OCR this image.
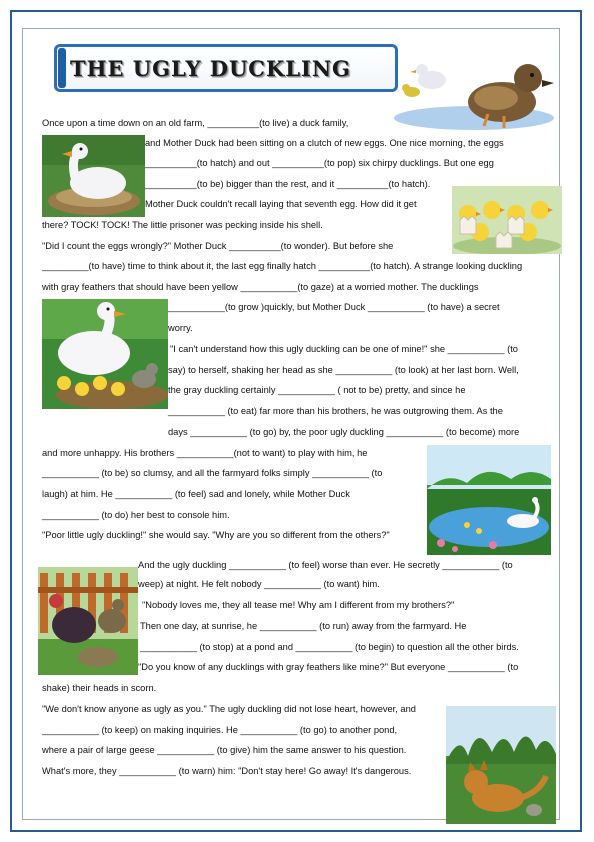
THE UGLY DUCKLING
Once upon a time down on an old farm, __________(to live) a duck family,
and Mother Duck had been sitting on a clutch of new eggs. One nice morning, the eggs
__________(to hatch) and out __________(to pop) six chirpy ducklings. But one egg
__________(to be) bigger than the rest, and it __________(to hatch).
Mother Duck couldn't recall laying that seventh egg. How did it get
there? TOCK! TOCK! The little prisoner was pecking inside his shell.
"Did I count the eggs wrongly?" Mother Duck __________(to wonder). But before she
_________(to have) time to think about it, the last egg finally hatch __________(to hatch). A strange looking duckling
with gray feathers that should have been yellow ___________(to gaze) at a worried mother. The ducklings
___________(to grow )quickly, but Mother Duck ___________ (to have) a secret
worry.
"I can't understand how this ugly duckling can be one of mine!" she ___________ (to
say) to herself, shaking her head as she ___________ (to look) at her last born. Well,
the gray duckling certainly ___________ ( not to be) pretty, and since he
___________ (to eat) far more than his brothers, he was outgrowing them. As the
days ___________ (to go) by, the poor ugly duckling ___________ (to become) more
and more unhappy. His brothers ___________(not to want) to play with him, he
___________ (to be) so clumsy, and all the farmyard folks simply ___________ (to
laugh) at him. He ___________ (to feel) sad and lonely, while Mother Duck
___________ (to do) her best to console him.
"Poor little ugly duckling!" she would say. "Why are you so different from the others?"
And the ugly duckling ___________ (to feel) worse than ever. He secretly ___________ (to
weep) at night. He felt nobody ___________ (to want) him.
"Nobody loves me, they all tease me! Why am I different from my brothers?"
Then one day, at sunrise, he ___________ (to run) away from the farmyard. He
___________ (to stop) at a pond and ___________ (to begin) to question all the other birds.
"Do you know of any ducklings with gray feathers like mine?" But everyone ___________ (to
shake) their heads in scorn.
"We don't know anyone as ugly as you." The ugly duckling did not lose heart, however, and
___________ (to keep) on making inquiries. He ___________ (to go) to another pond,
where a pair of large geese ___________ (to give) him the same answer to his question.
What's more, they ___________ (to warn) him: "Don't stay here! Go away! It's dangerous.
